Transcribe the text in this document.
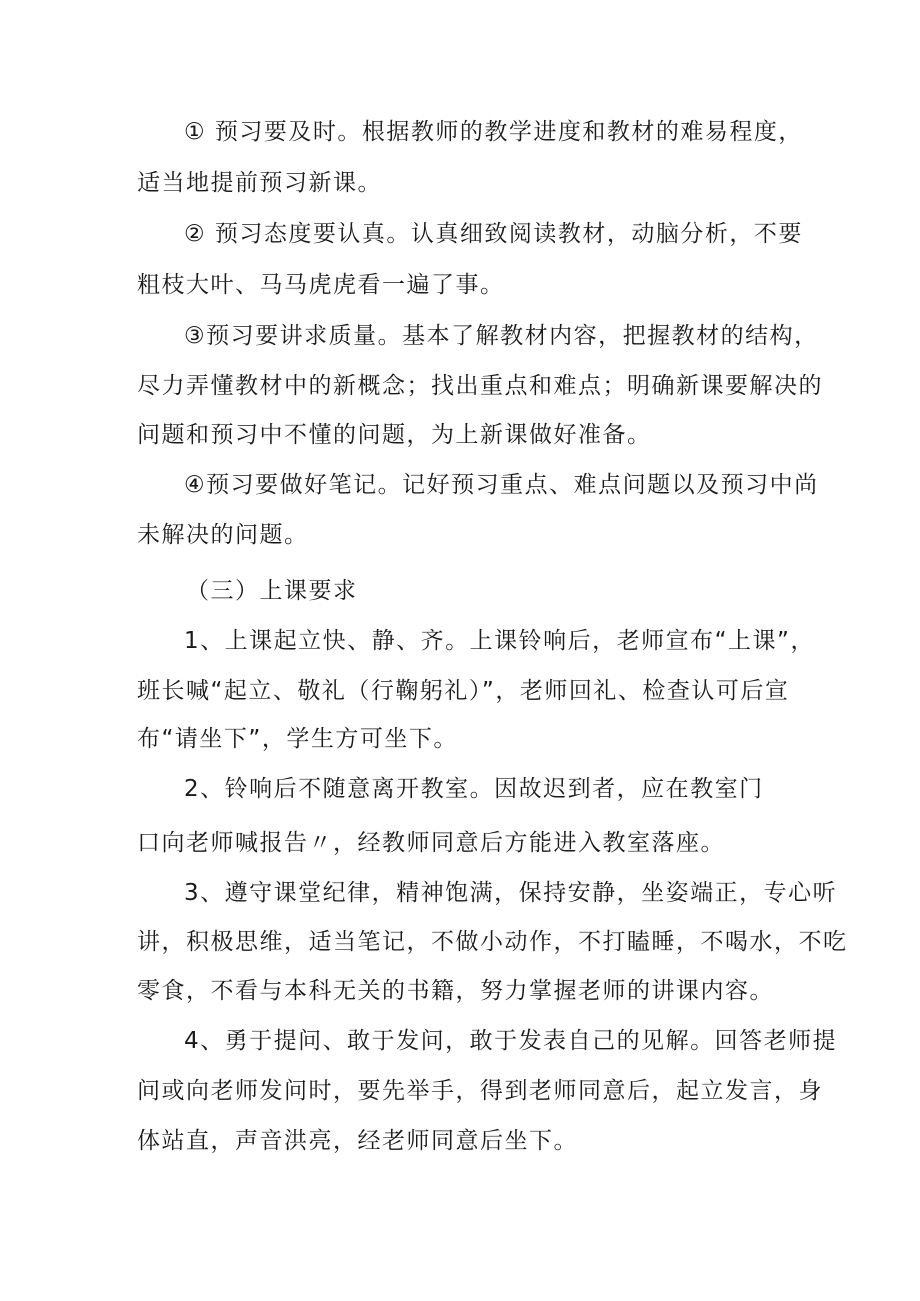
① 预习要及时。根据教师的教学进度和教材的难易程度，
适当地提前预习新课。
② 预习态度要认真。认真细致阅读教材，动脑分析，不要
粗枝大叶、马马虎虎看一遍了事。
③预习要讲求质量。基本了解教材内容，把握教材的结构，
尽力弄懂教材中的新概念；找出重点和难点；明确新课要解决的
问题和预习中不懂的问题，为上新课做好准备。
④预习要做好笔记。记好预习重点、难点问题以及预习中尚
未解决的问题。
（三）上课要求
1、上课起立快、静、齐。上课铃响后，老师宣布“上课”，
班长喊“起立、敬礼（行鞠躬礼）”，老师回礼、检查认可后宣
布“请坐下”，学生方可坐下。
2、铃响后不随意离开教室。因故迟到者，应在教室门
口向老师喊报告〃，经教师同意后方能进入教室落座。
3、遵守课堂纪律，精神饱满，保持安静，坐姿端正，专心听
讲，积极思维，适当笔记，不做小动作，不打瞌睡，不喝水，不吃
零食，不看与本科无关的书籍，努力掌握老师的讲课内容。
4、勇于提问、敢于发问，敢于发表自己的见解。回答老师提
问或向老师发问时，要先举手，得到老师同意后，起立发言，身
体站直，声音洪亮，经老师同意后坐下。
